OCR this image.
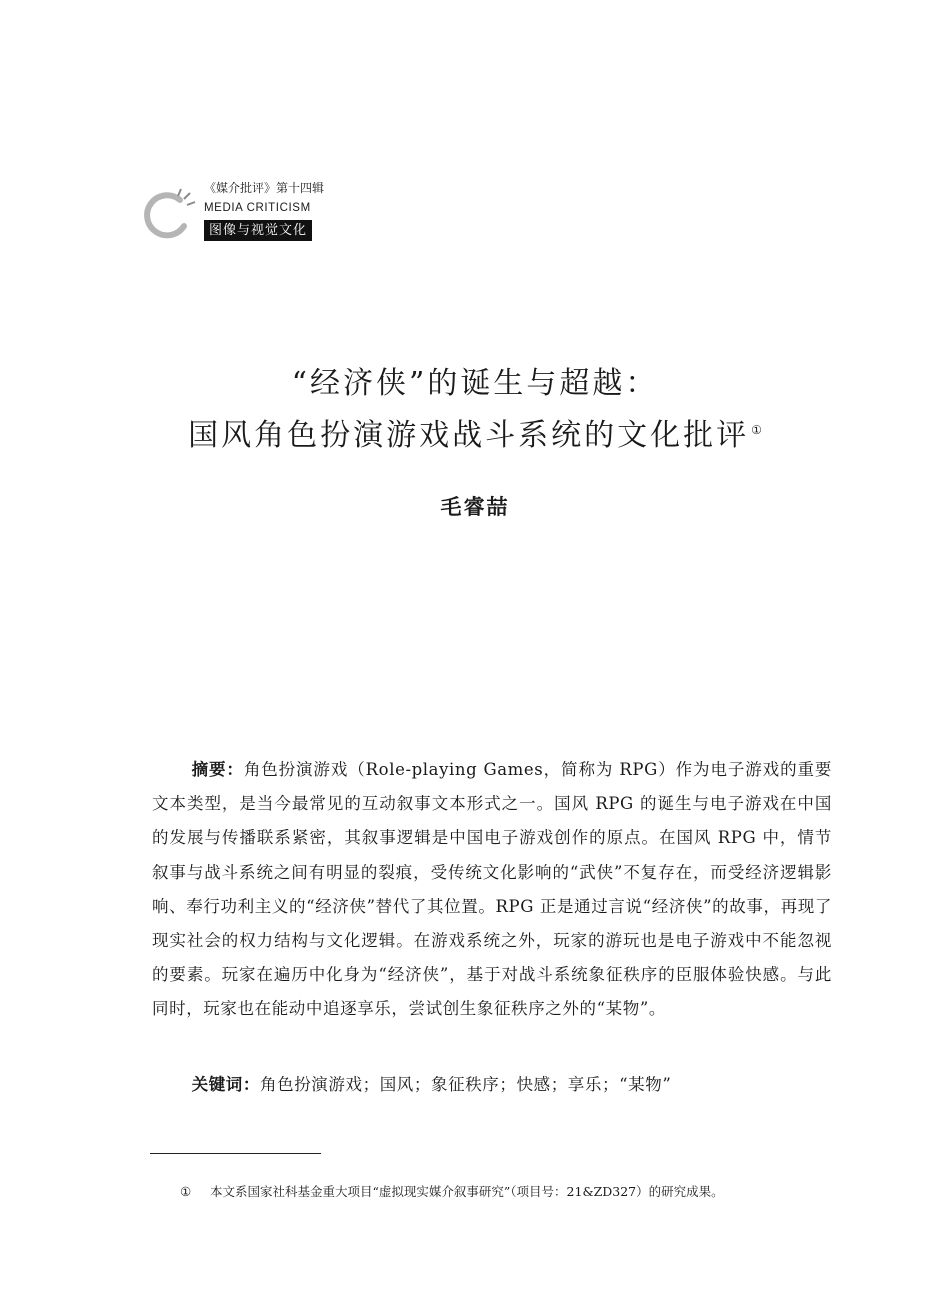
《媒介批评》第十四辑
MEDIA CRITICISM
图像与视觉文化
“经济侠”的诞生与超越：
国风角色扮演游戏战斗系统的文化批评 ①
毛睿喆
摘要：角色扮演游戏（Role-playing Games，简称为 RPG）作为电子游戏的重要文本类型，是当今最常见的互动叙事文本形式之一。国风 RPG 的诞生与电子游戏在中国的发展与传播联系紧密，其叙事逻辑是中国电子游戏创作的原点。在国风 RPG 中，情节叙事与战斗系统之间有明显的裂痕，受传统文化影响的“武侠”不复存在，而受经济逻辑影响、奉行功利主义的“经济侠”替代了其位置。RPG 正是通过言说“经济侠”的故事，再现了现实社会的权力结构与文化逻辑。在游戏系统之外，玩家的游玩也是电子游戏中不能忽视的要素。玩家在遍历中化身为“经济侠”，基于对战斗系统象征秩序的臣服体验快感。与此同时，玩家也在能动中追逐享乐，尝试创生象征秩序之外的“某物”。
关键词：角色扮演游戏；国风；象征秩序；快感；享乐；“某物”
① 本文系国家社科基金重大项目“虚拟现实媒介叙事研究”（项目号：21&ZD327）的研究成果。
